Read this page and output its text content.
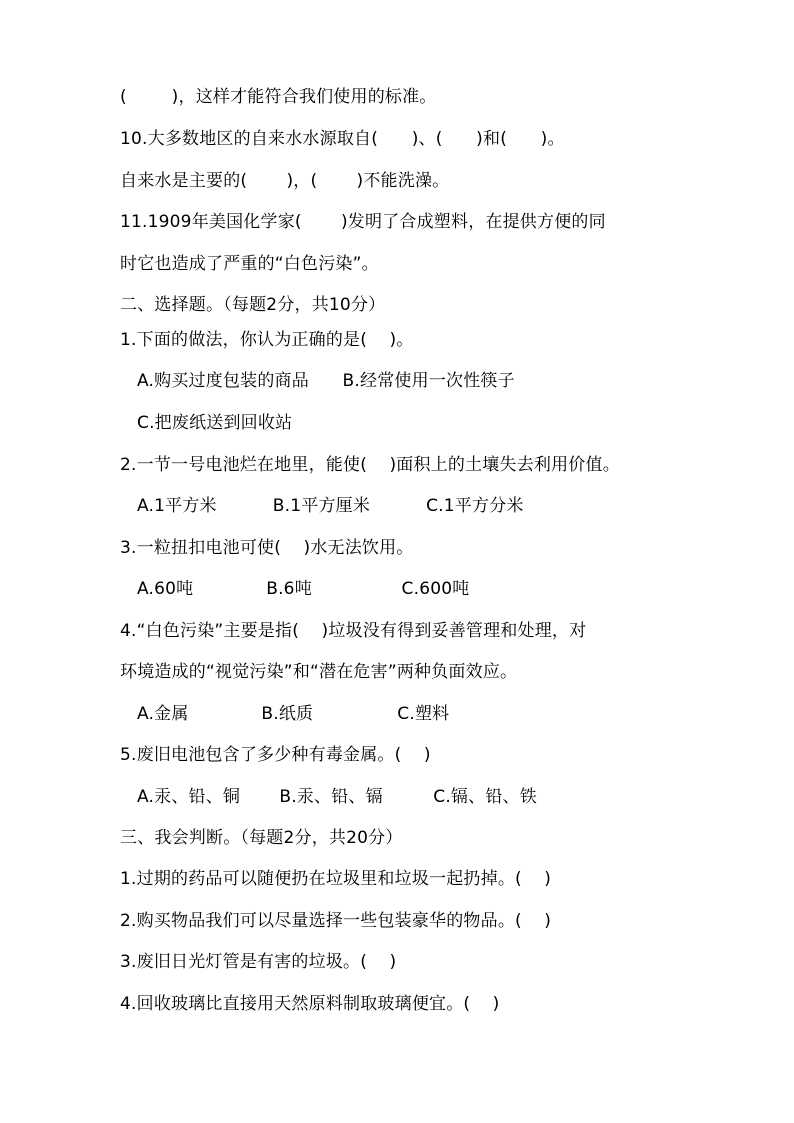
(        )，这样才能符合我们使用的标准。
10.大多数地区的自来水水源取自(      )、(      )和(      )。
自来水是主要的(       )，(       )不能洗澡。
11.1909年美国化学家(       )发明了合成塑料，在提供方便的同
时它也造成了严重的“白色污染”。
二、选择题。（每题2分，共10分）
1.下面的做法，你认为正确的是(    )。
A.购买过度包装的商品      B.经常使用一次性筷子
C.把废纸送到回收站
2.一节一号电池烂在地里，能使(    )面积上的土壤失去利用价值。
A.1平方米          B.1平方厘米          C.1平方分米
3.一粒扭扣电池可使(    )水无法饮用。
A.60吨             B.6吨                C.600吨
4.“白色污染”主要是指(    )垃圾没有得到妥善管理和处理，对
环境造成的“视觉污染”和“潜在危害”两种负面效应。
A.金属             B.纸质               C.塑料
5.废旧电池包含了多少种有毒金属。(    )
A.汞、铅、铜       B.汞、铅、镉         C.镉、铅、铁
三、我会判断。（每题2分，共20分）
1.过期的药品可以随便扔在垃圾里和垃圾一起扔掉。(    )
2.购买物品我们可以尽量选择一些包装豪华的物品。(    )
3.废旧日光灯管是有害的垃圾。(    )
4.回收玻璃比直接用天然原料制取玻璃便宜。(    )
